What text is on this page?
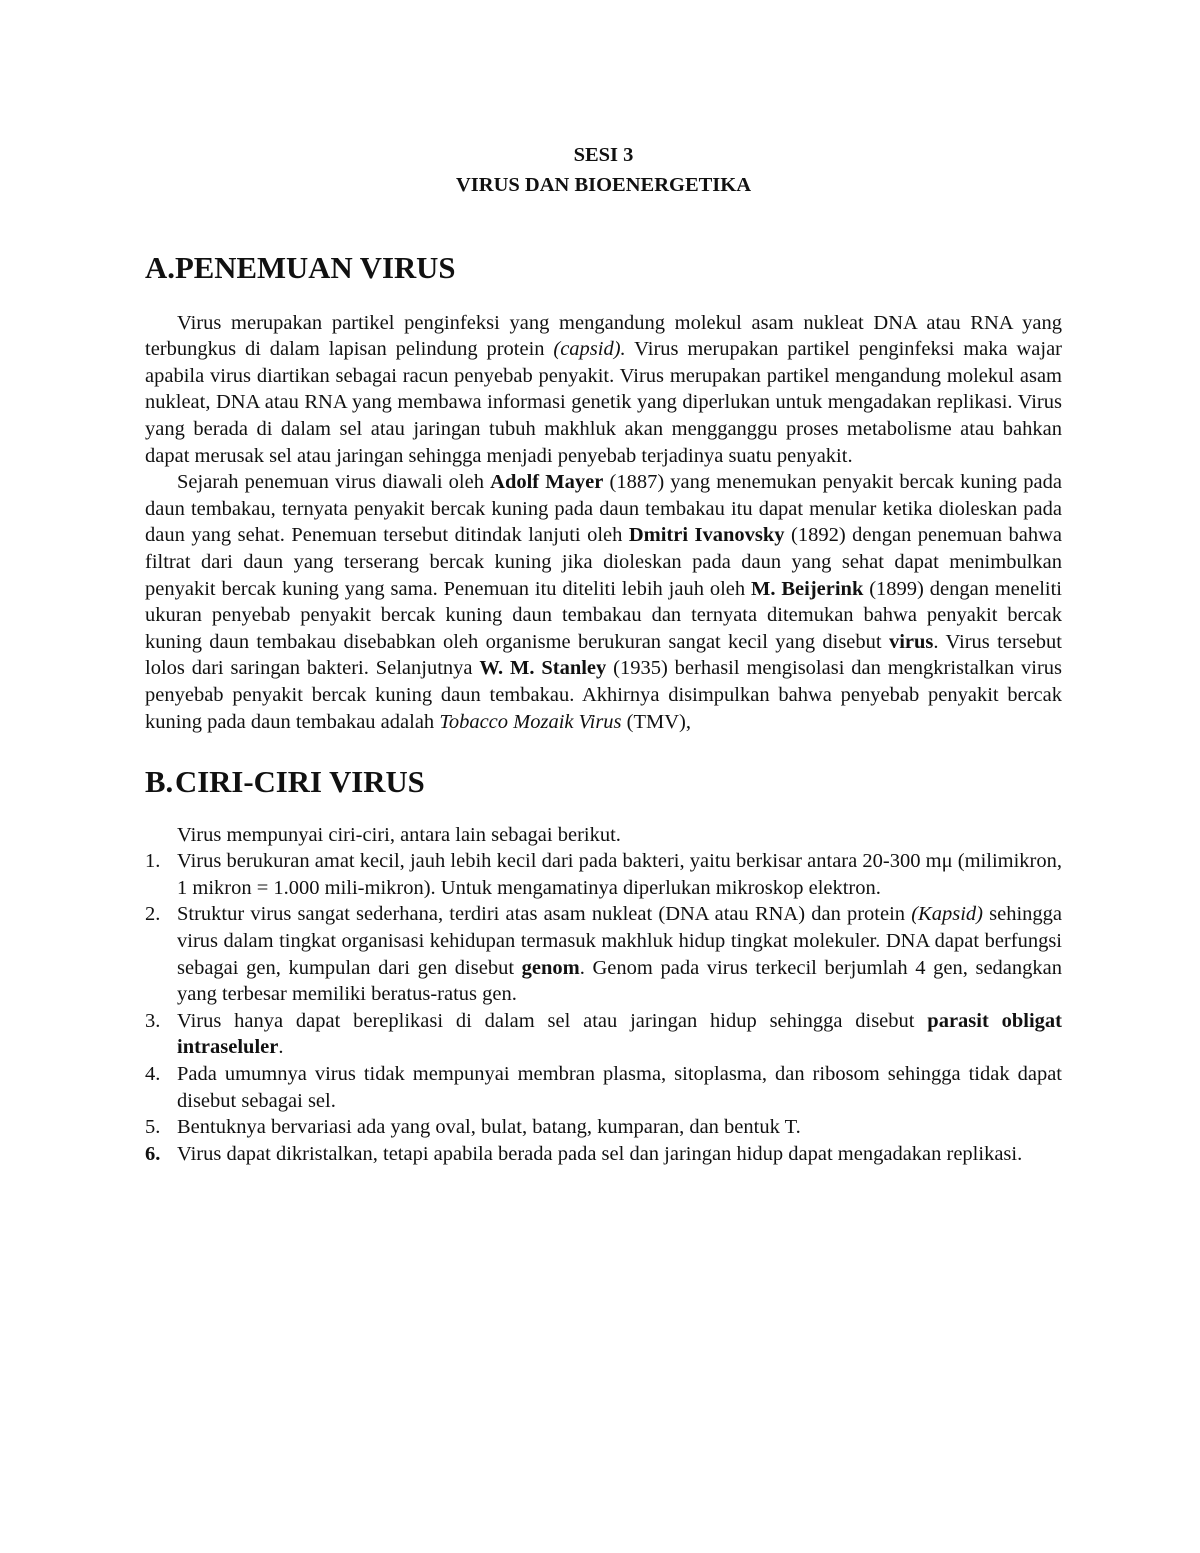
SESI 3

VIRUS DAN BIOENERGETIKA

A. PENEMUAN VIRUS

Virus merupakan partikel penginfeksi yang mengandung molekul asam nukleat DNA atau RNA yang terbungkus di dalam lapisan pelindung protein (capsid). Virus merupakan partikel penginfeksi maka wajar apabila virus diartikan sebagai racun penyebab penyakit. Virus merupakan partikel mengandung molekul asam nukleat, DNA atau RNA yang membawa informasi genetik yang diperlukan untuk mengadakan replikasi. Virus yang berada di dalam sel atau jaringan tubuh makhluk akan mengganggu proses metabolisme atau bahkan dapat merusak sel atau jaringan sehingga menjadi penyebab terjadinya suatu penyakit.

Sejarah penemuan virus diawali oleh Adolf Mayer (1887) yang menemukan penyakit bercak kuning pada daun tembakau, ternyata penyakit bercak kuning pada daun tembakau itu dapat menular ketika dioleskan pada daun yang sehat. Penemuan tersebut ditindak lanjuti oleh Dmitri Ivanovsky (1892) dengan penemuan bahwa filtrat dari daun yang terserang bercak kuning jika dioleskan pada daun yang sehat dapat menimbulkan penyakit bercak kuning yang sama. Penemuan itu diteliti lebih jauh oleh M. Beijerink (1899) dengan meneliti ukuran penyebab penyakit bercak kuning daun tembakau dan ternyata ditemukan bahwa penyakit bercak kuning daun tembakau disebabkan oleh organisme berukuran sangat kecil yang disebut virus. Virus tersebut lolos dari saringan bakteri. Selanjutnya W. M. Stanley (1935) berhasil mengisolasi dan mengkristalkan virus penyebab penyakit bercak kuning daun tembakau. Akhirnya disimpulkan bahwa penyebab penyakit bercak kuning pada daun tembakau adalah Tobacco Mozaik Virus (TMV),

B. CIRI-CIRI VIRUS

Virus mempunyai ciri-ciri, antara lain sebagai berikut.

1. Virus berukuran amat kecil, jauh lebih kecil dari pada bakteri, yaitu berkisar antara 20-300 mμ (milimikron, 1 mikron = 1.000 mili-mikron). Untuk mengamatinya diperlukan mikroskop elektron.
2. Struktur virus sangat sederhana, terdiri atas asam nukleat (DNA atau RNA) dan protein (Kapsid) sehingga virus dalam tingkat organisasi kehidupan termasuk makhluk hidup tingkat molekuler. DNA dapat berfungsi sebagai gen, kumpulan dari gen disebut genom. Genom pada virus terkecil berjumlah 4 gen, sedangkan yang terbesar memiliki beratus-ratus gen.
3. Virus hanya dapat bereplikasi di dalam sel atau jaringan hidup sehingga disebut parasit obligat intraseluler.
4. Pada umumnya virus tidak mempunyai membran plasma, sitoplasma, dan ribosom sehingga tidak dapat disebut sebagai sel.
5. Bentuknya bervariasi ada yang oval, bulat, batang, kumparan, dan bentuk T.
6. Virus dapat dikristalkan, tetapi apabila berada pada sel dan jaringan hidup dapat mengadakan replikasi.
